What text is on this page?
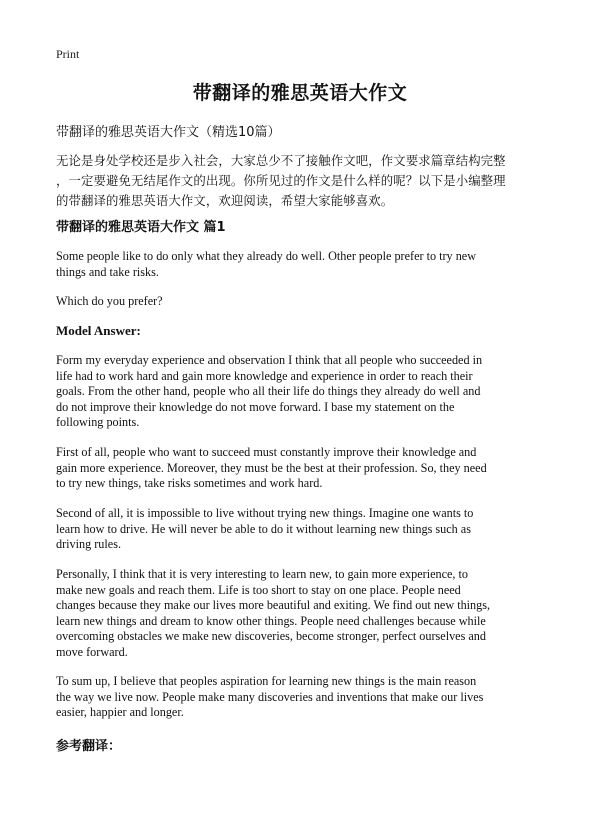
Print
带翻译的雅思英语大作文
带翻译的雅思英语大作文（精选10篇）
无论是身处学校还是步入社会，大家总少不了接触作文吧，作文要求篇章结构完整
，一定要避免无结尾作文的出现。你所见过的作文是什么样的呢？以下是小编整理
的带翻译的雅思英语大作文，欢迎阅读，希望大家能够喜欢。
带翻译的雅思英语大作文 篇1
Some people like to do only what they already do well. Other people prefer to try new
things and take risks.
Which do you prefer?
Model Answer:
Form my everyday experience and observation I think that all people who succeeded in
life had to work hard and gain more knowledge and experience in order to reach their
goals. From the other hand, people who all their life do things they already do well and
do not improve their knowledge do not move forward. I base my statement on the
following points.
First of all, people who want to succeed must constantly improve their knowledge and
gain more experience. Moreover, they must be the best at their profession. So, they need
to try new things, take risks sometimes and work hard.
Second of all, it is impossible to live without trying new things. Imagine one wants to
learn how to drive. He will never be able to do it without learning new things such as
driving rules.
Personally, I think that it is very interesting to learn new, to gain more experience, to
make new goals and reach them. Life is too short to stay on one place. People need
changes because they make our lives more beautiful and exiting. We find out new things,
learn new things and dream to know other things. People need challenges because while
overcoming obstacles we make new discoveries, become stronger, perfect ourselves and
move forward.
To sum up, I believe that peoples aspiration for learning new things is the main reason
the way we live now. People make many discoveries and inventions that make our lives
easier, happier and longer.
参考翻译：
